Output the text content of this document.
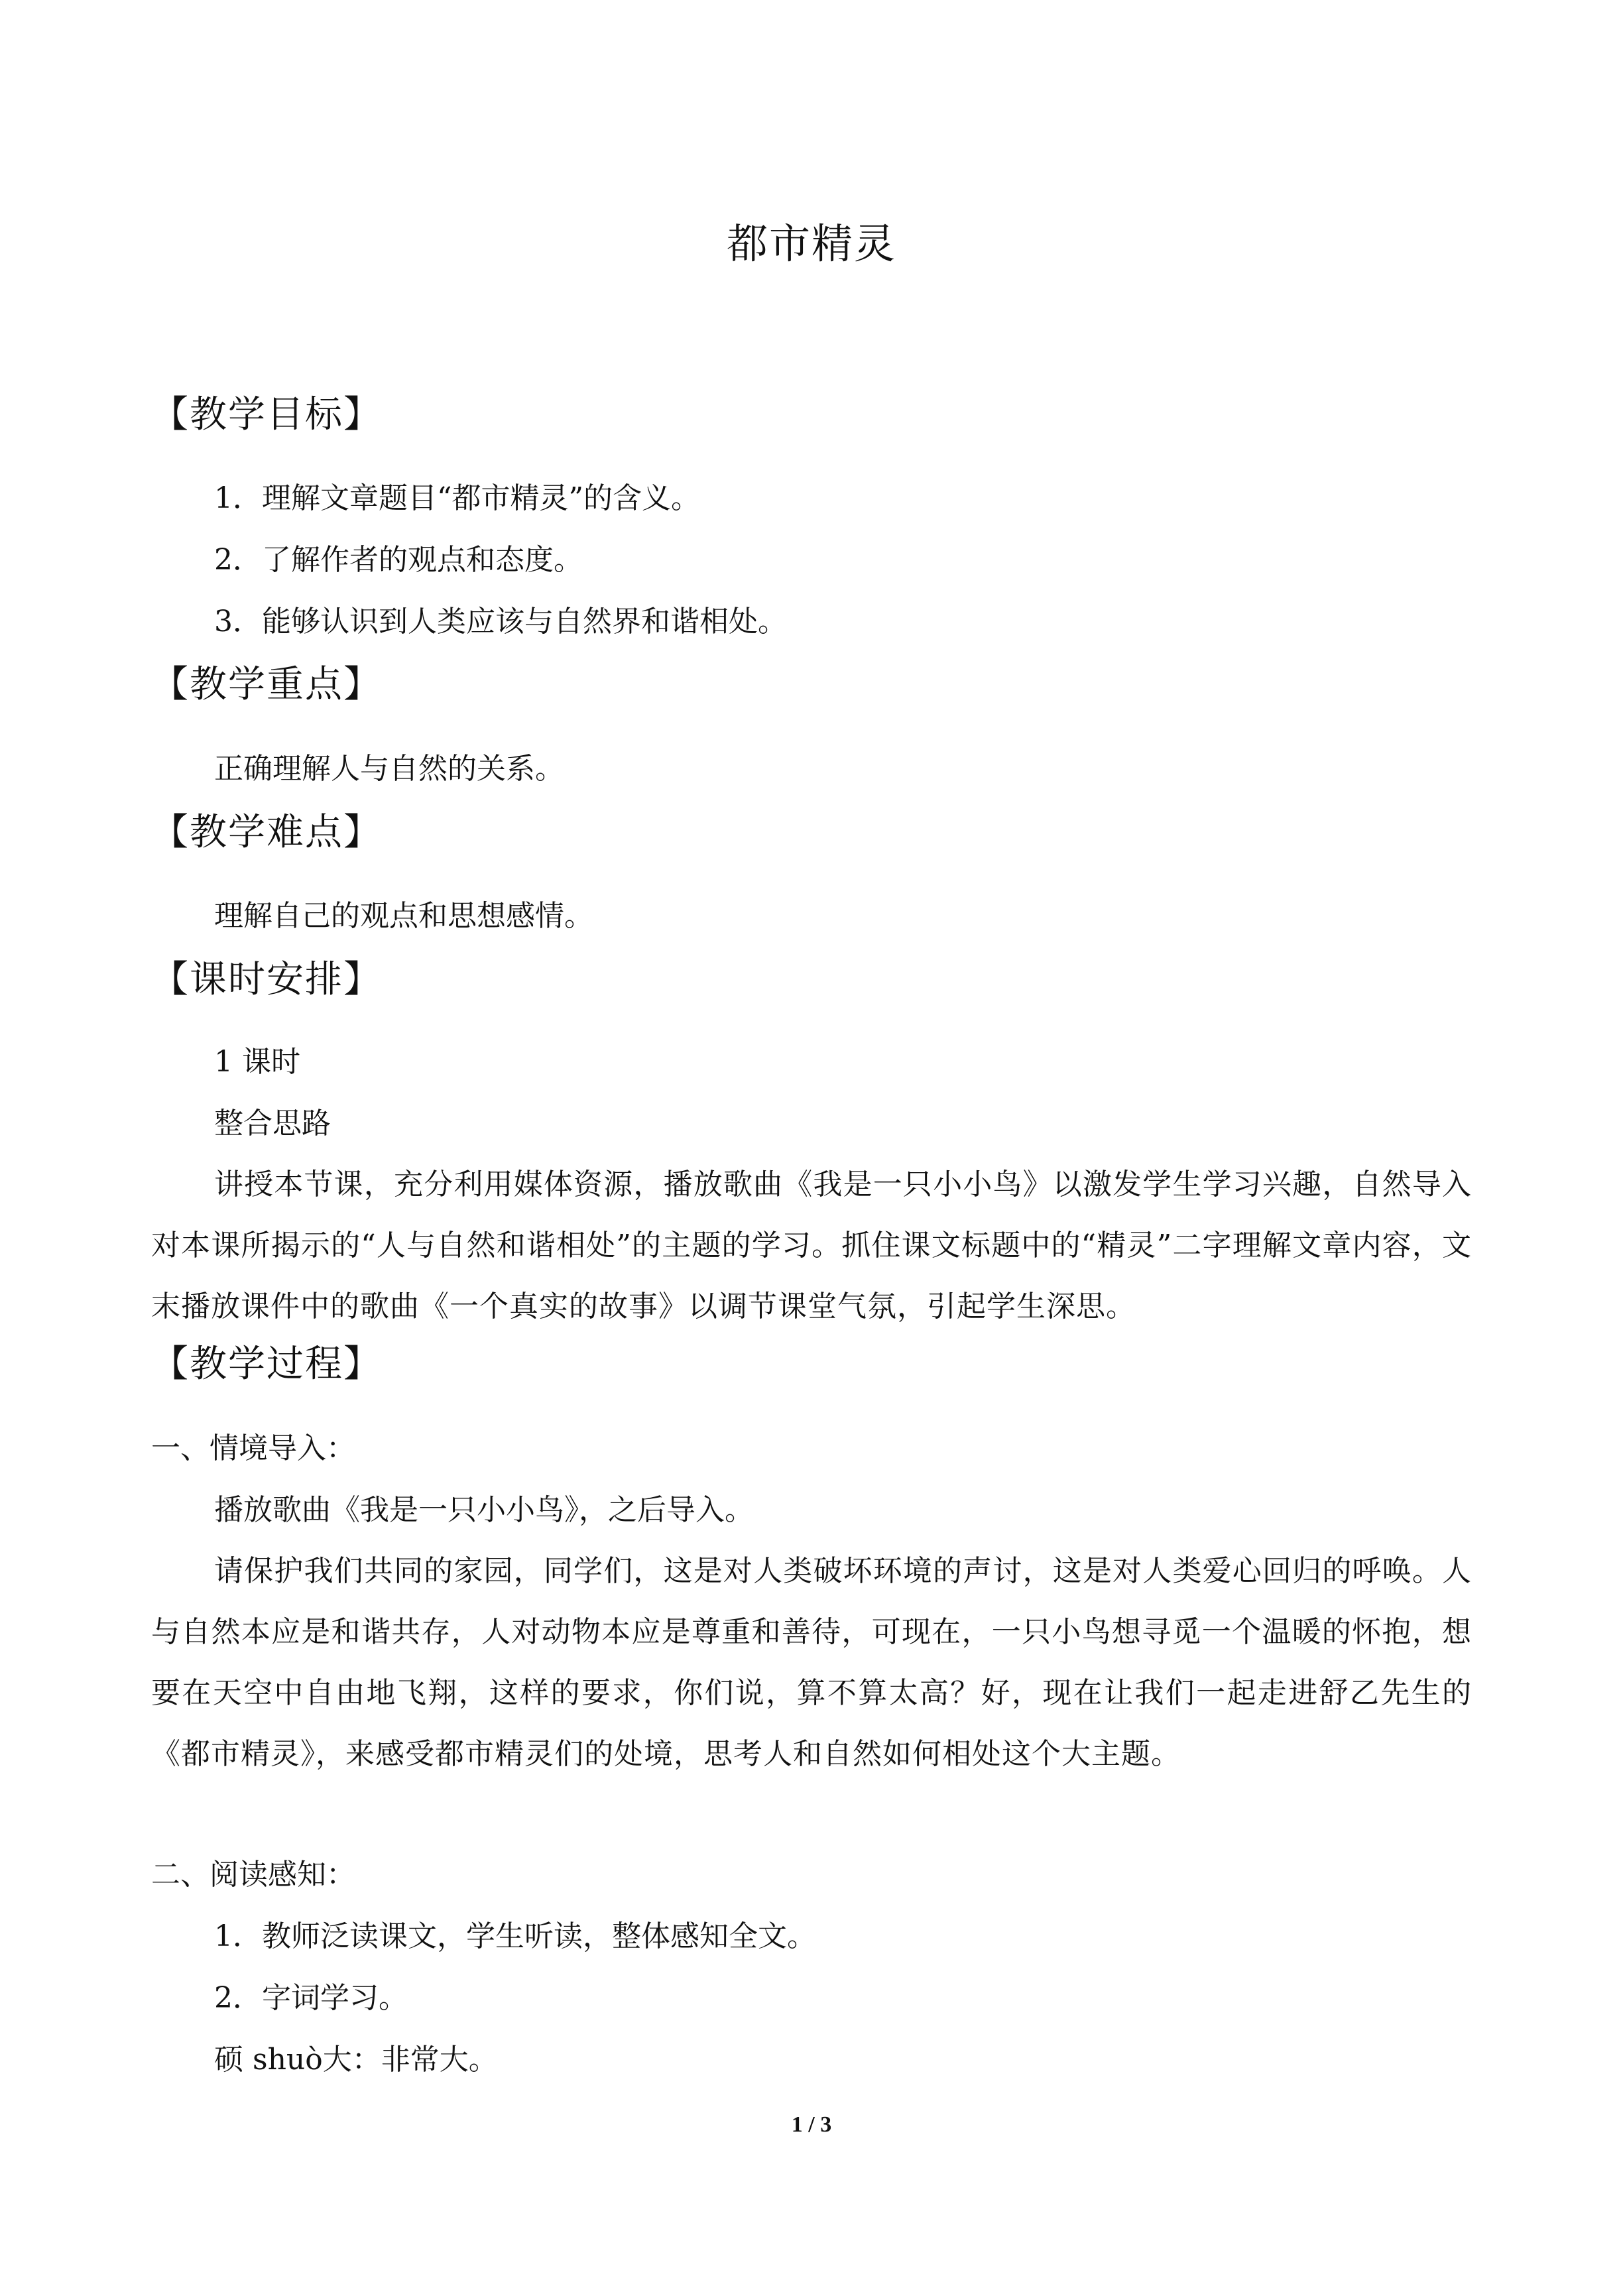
都市精灵
【教学目标】
1．理解文章题目“都市精灵”的含义。
2．了解作者的观点和态度。
3．能够认识到人类应该与自然界和谐相处。
【教学重点】
正确理解人与自然的关系。
【教学难点】
理解自己的观点和思想感情。
【课时安排】
1 课时
整合思路
讲授本节课，充分利用媒体资源，播放歌曲《我是一只小小鸟》以激发学生学习兴趣，自然导入对本课所揭示的“人与自然和谐相处”的主题的学习。抓住课文标题中的“精灵”二字理解文章内容，文末播放课件中的歌曲《一个真实的故事》以调节课堂气氛，引起学生深思。
【教学过程】
一、情境导入：
播放歌曲《我是一只小小鸟》，之后导入。
请保护我们共同的家园，同学们，这是对人类破坏环境的声讨，这是对人类爱心回归的呼唤。人与自然本应是和谐共存，人对动物本应是尊重和善待，可现在，一只小鸟想寻觅一个温暖的怀抱，想要在天空中自由地飞翔，这样的要求，你们说，算不算太高？好，现在让我们一起走进舒乙先生的《都市精灵》，来感受都市精灵们的处境，思考人和自然如何相处这个大主题。
二、阅读感知：
1．教师泛读课文，学生听读，整体感知全文。
2．字词学习。
硕 shuò大：非常大。
1 / 3
